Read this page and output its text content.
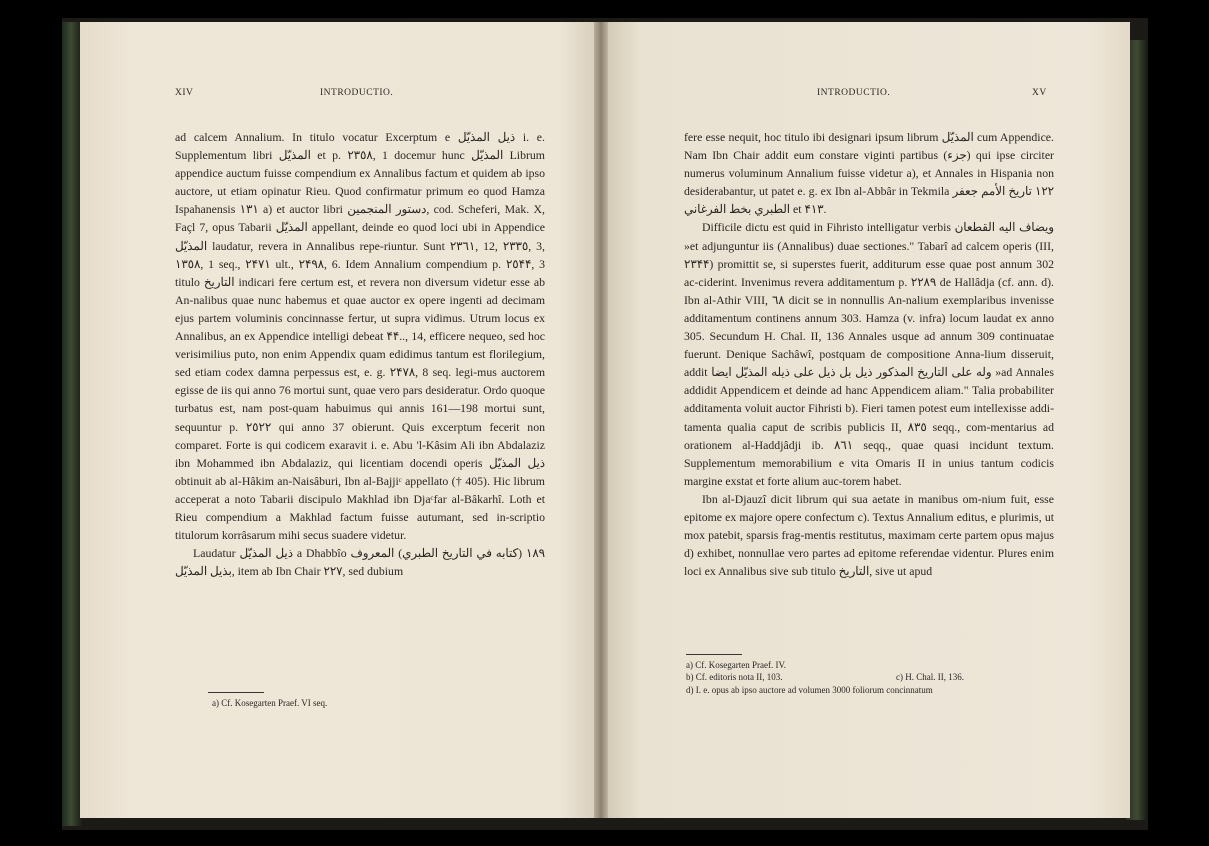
XIV	INTRODUCTIO.

ad calcem Annalium. In titulo vocatur Excerptum e ذيل المذيّل i. e. Supplementum libri المذيّل et p. ٢٣٥٨, 1 docemur hunc المذيّل Librum appendice auctum fuisse compendium ex Annalibus factum et quidem ab ipso auctore, ut etiam opinatur Rieu. Quod confirmatur primum eo quod Hamza Ispahanensis ١٣١ a) et auctor libri دستور المنجمين, cod. Scheferi, Mak. X, Façl 7, opus Tabarii المذيّل appellant, deinde eo quod loci ubi in Appendice المذيّل laudatur, revera in Annalibus repe-riuntur. Sunt ٢٣٦١, 12, ٢٣٣٥, 3, ١٣٥٨, 1 seq., ٢۴٧١ ult., ٢۴٩٨, 6. Idem Annalium compendium p. ٢٥۴۴, 3 titulo التاريخ indicari fere certum est, et revera non diversum videtur esse ab An-nalibus quae nunc habemus et quae auctor ex opere ingenti ad decimam ejus partem voluminis concinnasse fertur, ut supra vidimus. Utrum locus ex Annalibus, an ex Appendice intelligi debeat ۴۴.., 14, efficere nequeo, sed hoc verisimilius puto, non enim Appendix quam edidimus tantum est florilegium, sed etiam codex damna perpessus est, e. g. ٢۴٧٨, 8 seq. legi-mus auctorem egisse de iis qui anno 76 mortui sunt, quae vero pars desideratur. Ordo quoque turbatus est, nam post-quam habuimus qui annis 161—198 mortui sunt, sequuntur p. ٢٥٢٢ qui anno 37 obierunt. Quis excerptum fecerit non comparet. Forte is qui codicem exaravit i. e. Abu 'l-Kâsim Ali ibn Abdalaziz ibn Mohammed ibn Abdalaziz, qui licentiam docendi operis ذيل المذيّل obtinuit ab al-Hâkim an-Naisâburi, Ibn al-Bajjiᶜ appellato († 405). Hic librum acceperat a noto Tabarii discipulo Makhlad ibn Djaᶜfar al-Bâkarhî. Loth et Rieu compendium a Makhlad factum fuisse autumant, sed in-scriptio titulorum korrâsarum mihi secus suadere videtur.

Laudatur ذيل المذيّل a Dhabbîo ١٨٩ (كتابه في التاريخ الطبري) المعروف بذيل المذيّل, item ab Ibn Chair ٢٢٧, sed dubium

a) Cf. Kosegarten Praef. VI seq.
INTRODUCTIO.	XV

fere esse nequit, hoc titulo ibi designari ipsum librum المذيّل cum Appendice. Nam Ibn Chair addit eum constare viginti partibus (جزء) qui ipse circiter numerus voluminum Annalium fuisse videtur a), et Annales in Hispania non desiderabantur, ut patet e. g. ex Ibn al-Abbâr in Tekmila ١٢٢ تاريخ الأمم جعفر الطبري بخط الفرغاني et ۴١٣.

Difficile dictu est quid in Fihristo intelligatur verbis ويضاف اليه القطعان »et adjunguntur iis (Annalibus) duae sectiones." Tabarî ad calcem operis (III, ٢٣۴۴) promittit se, si superstes fuerit, additurum esse quae post annum 302 ac-ciderint. Invenimus revera additamentum p. ٢٢٨٩ de Hallâdja (cf. ann. d). Ibn al-Athir VIII, ٦٨ dicit se in nonnullis An-nalium exemplaribus invenisse additamentum continens annum 303. Hamza (v. infra) locum laudat ex anno 305. Secundum H. Chal. II, 136 Annales usque ad annum 309 continuatae fuerunt. Denique Sachâwî, postquam de compositione Anna-lium disseruit, addit وله على التاريخ المذكور ذيل بل ذيل على ذيله المذيّل ايضا »ad Annales addidit Appendicem et deinde ad hanc Appendicem aliam." Talia probabiliter additamenta voluit auctor Fihristi b). Fieri tamen potest eum intellexisse addi-tamenta qualia caput de scribis publicis II, ٨٣٥ seqq., com-mentarius ad orationem al-Haddjâdji ib. ٨٦١ seqq., quae quasi incidunt textum. Supplementum memorabilium e vita Omaris II in unius tantum codicis margine exstat et forte alium auc-torem habet.

Ibn al-Djauzî dicit librum qui sua aetate in manibus om-nium fuit, esse epitome ex majore opere confectum c). Textus Annalium editus, e plurimis, ut mox patebit, sparsis frag-mentis restitutus, maximam certe partem opus majus d) exhibet, nonnullae vero partes ad epitome referendae videntur. Plures enim loci ex Annalibus sive sub titulo التاريخ, sive ut apud

a) Cf. Kosegarten Praef. IV.
b) Cf. editoris nota II, 103.	c) H. Chal. II, 136.
d) I. e. opus ab ipso auctore ad volumen 3000 foliorum concinnatum
